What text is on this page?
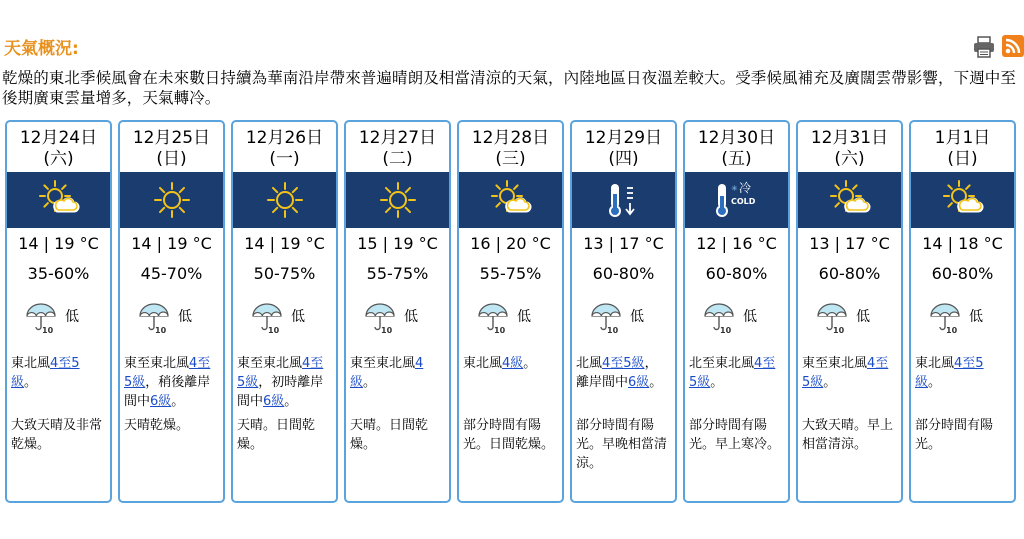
天氣概況:
乾燥的東北季候風會在未來數日持續為華南沿岸帶來普遍晴朗及相當清涼的天氣，內陸地區日夜溫差較大。受季候風補充及廣闊雲帶影響，下週中至後期廣東雲量增多，天氣轉冷。
12月24日
(六)
14 | 19 °C
35-60%
10
低
東北風4至5級。
大致天晴及非常乾燥。
12月25日
(日)
14 | 19 °C
45-70%
10
低
東至東北風4至5級，稍後離岸間中6級。
天晴乾燥。
12月26日
(一)
14 | 19 °C
50-75%
10
低
東至東北風4至5級，初時離岸間中6級。
天晴。日間乾燥。
12月27日
(二)
15 | 19 °C
55-75%
10
低
東至東北風4級。
天晴。日間乾燥。
12月28日
(三)
16 | 20 °C
55-75%
10
低
東北風4級。
部分時間有陽光。日間乾燥。
12月29日
(四)
13 | 17 °C
60-80%
10
低
北風4至5級，離岸間中6級。
部分時間有陽光。早晚相當清涼。
12月30日
(五)
✳ 冷
COLD
12 | 16 °C
60-80%
10
低
北至東北風4至5級。
部分時間有陽光。早上寒冷。
12月31日
(六)
13 | 17 °C
60-80%
10
低
東至東北風4至5級。
大致天晴。早上相當清涼。
1月1日
(日)
14 | 18 °C
60-80%
10
低
東北風4至5級。
部分時間有陽光。
